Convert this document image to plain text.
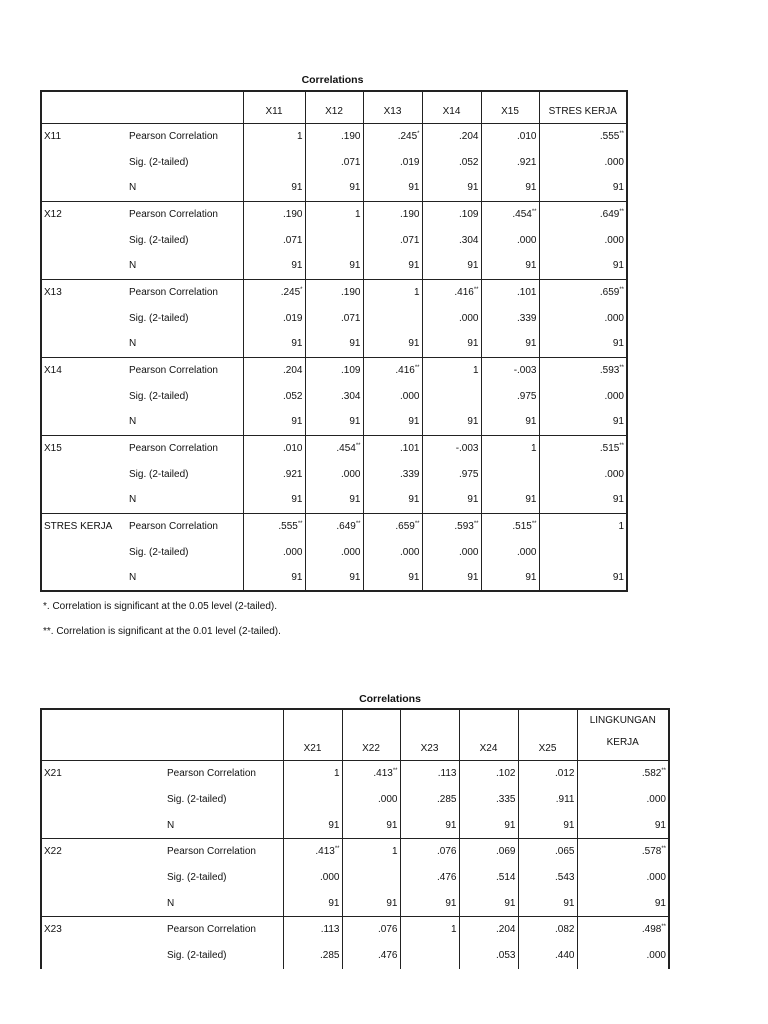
Correlations
		X11	X12	X13	X14	X15	STRES KERJA
X11	Pearson Correlation	1	.190	.245*	.204	.010	.555**
	Sig. (2-tailed)		.071	.019	.052	.921	.000
	N	91	91	91	91	91	91
X12	Pearson Correlation	.190	1	.190	.109	.454**	.649**
	Sig. (2-tailed)	.071		.071	.304	.000	.000
	N	91	91	91	91	91	91
X13	Pearson Correlation	.245*	.190	1	.416**	.101	.659**
	Sig. (2-tailed)	.019	.071		.000	.339	.000
	N	91	91	91	91	91	91
X14	Pearson Correlation	.204	.109	.416**	1	-.003	.593**
	Sig. (2-tailed)	.052	.304	.000		.975	.000
	N	91	91	91	91	91	91
X15	Pearson Correlation	.010	.454**	.101	-.003	1	.515**
	Sig. (2-tailed)	.921	.000	.339	.975		.000
	N	91	91	91	91	91	91
STRES KERJA	Pearson Correlation	.555**	.649**	.659**	.593**	.515**	1
	Sig. (2-tailed)	.000	.000	.000	.000	.000	
	N	91	91	91	91	91	91
*. Correlation is significant at the 0.05 level (2-tailed).
**. Correlation is significant at the 0.01 level (2-tailed).
Correlations
		X21	X22	X23	X24	X25	LINGKUNGAN KERJA
X21	Pearson Correlation	1	.413**	.113	.102	.012	.582**
	Sig. (2-tailed)		.000	.285	.335	.911	.000
	N	91	91	91	91	91	91
X22	Pearson Correlation	.413**	1	.076	.069	.065	.578**
	Sig. (2-tailed)	.000		.476	.514	.543	.000
	N	91	91	91	91	91	91
X23	Pearson Correlation	.113	.076	1	.204	.082	.498**
	Sig. (2-tailed)	.285	.476		.053	.440	.000
